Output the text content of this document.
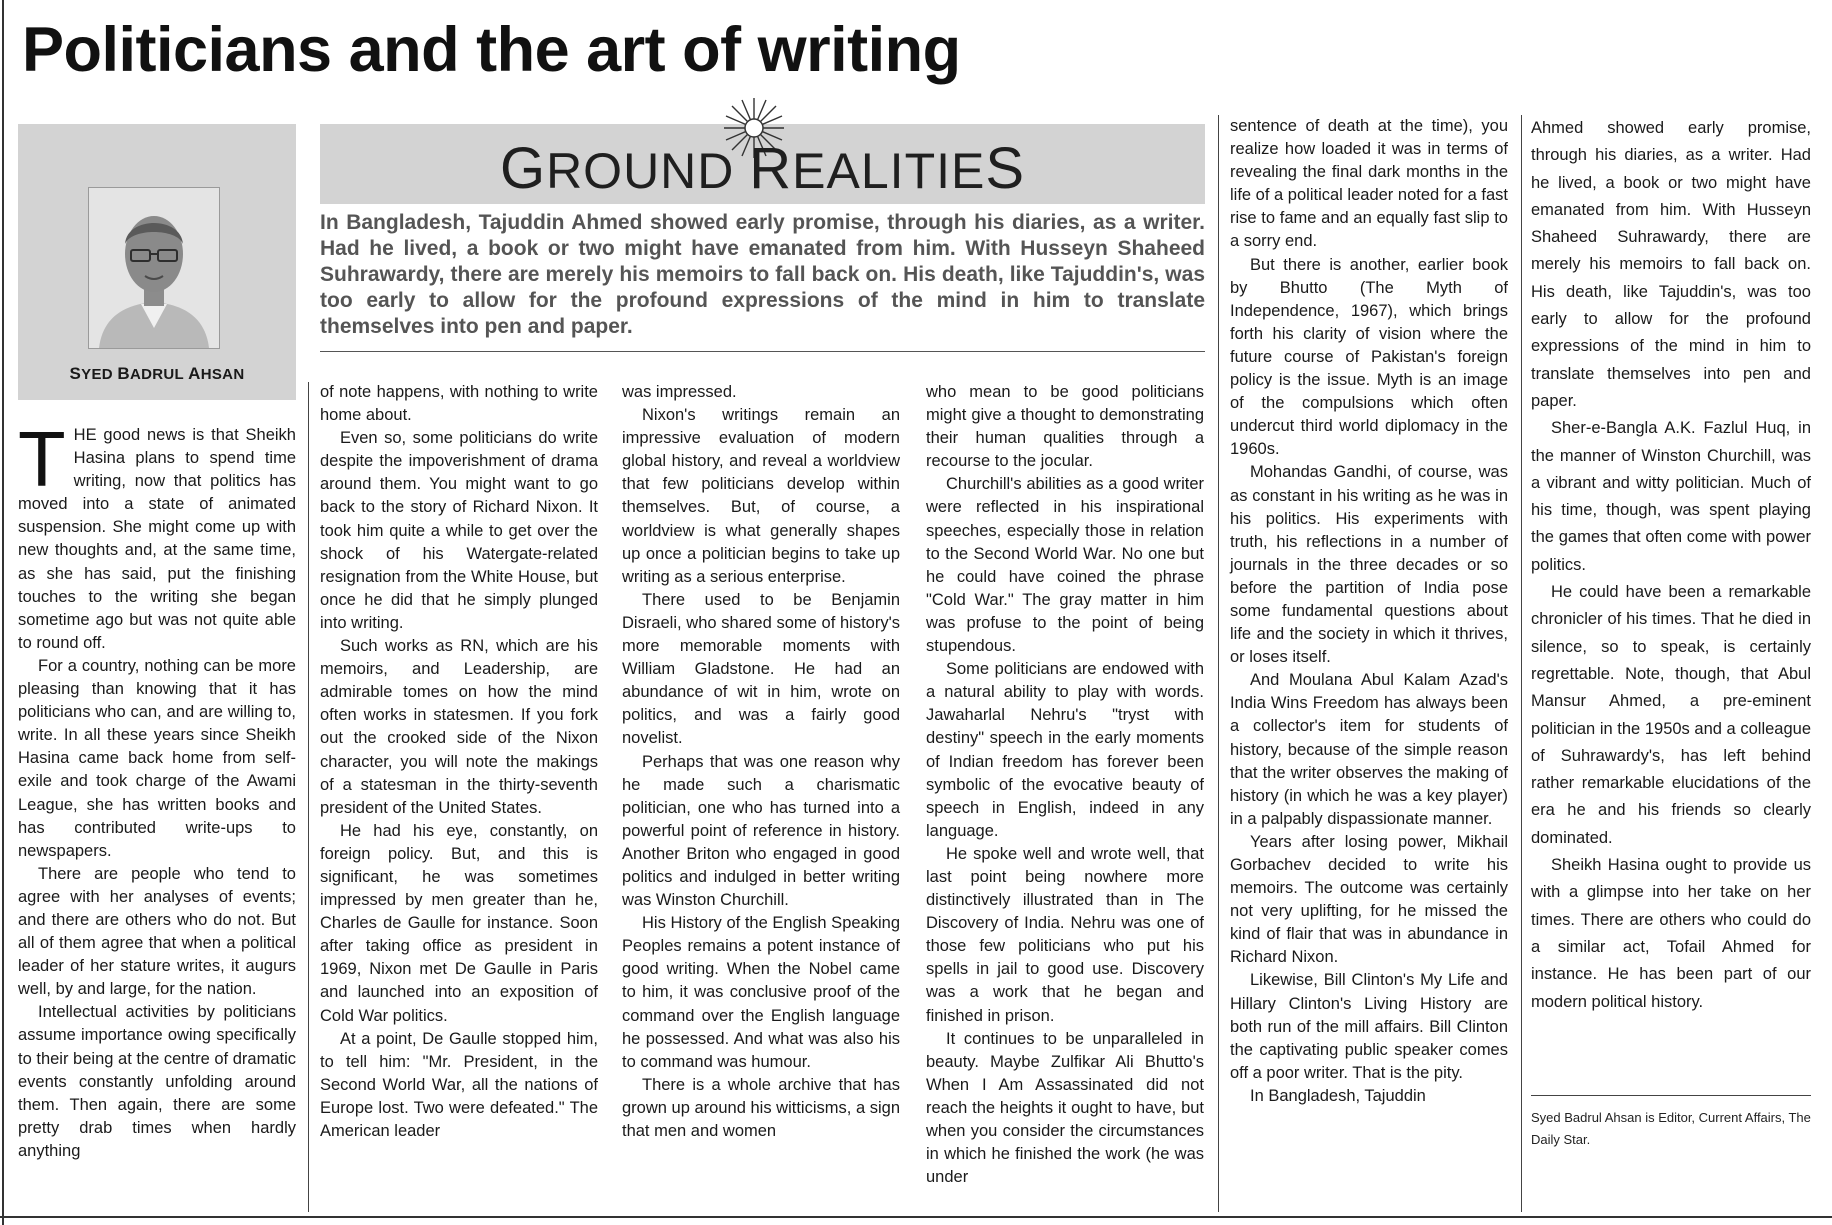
Politicians and the art of writing
SYED BADRUL AHSAN
GROUND REALITIES

In Bangladesh, Tajuddin Ahmed showed early promise, through his diaries, as a writer. Had he lived, a book or two might have emanated from him. With Husseyn Shaheed Suhrawardy, there are merely his memoirs to fall back on. His death, like Tajuddin's, was too early to allow for the profound expressions of the mind in him to translate themselves into pen and paper.

THE good news is that Sheikh Hasina plans to spend time writing, now that politics has moved into a state of animated suspension. She might come up with new thoughts and, at the same time, as she has said, put the finishing touches to the writing she began sometime ago but was not quite able to round off.

For a country, nothing can be more pleasing than knowing that it has politicians who can, and are willing to, write. In all these years since Sheikh Hasina came back home from self-exile and took charge of the Awami League, she has written books and has contributed write-ups to newspapers.

There are people who tend to agree with her analyses of events; and there are others who do not. But all of them agree that when a political leader of her stature writes, it augurs well, by and large, for the nation.

Intellectual activities by politicians assume importance owing specifically to their being at the centre of dramatic events constantly unfolding around them. Then again, there are some pretty drab times when hardly anything

of note happens, with nothing to write home about.

Even so, some politicians do write despite the impoverishment of drama around them. You might want to go back to the story of Richard Nixon. It took him quite a while to get over the shock of his Watergate-related resignation from the White House, but once he did that he simply plunged into writing.

Such works as RN, which are his memoirs, and Leadership, are admirable tomes on how the mind often works in statesmen. If you fork out the crooked side of the Nixon character, you will note the makings of a statesman in the thirty-seventh president of the United States.

He had his eye, constantly, on foreign policy. But, and this is significant, he was sometimes impressed by men greater than he, Charles de Gaulle for instance. Soon after taking office as president in 1969, Nixon met De Gaulle in Paris and launched into an exposition of Cold War politics.

At a point, De Gaulle stopped him, to tell him: "Mr. President, in the Second World War, all the nations of Europe lost. Two were defeated." The American leader

was impressed.

Nixon's writings remain an impressive evaluation of modern global history, and reveal a worldview that few politicians develop within themselves. But, of course, a worldview is what generally shapes up once a politician begins to take up writing as a serious enterprise.

There used to be Benjamin Disraeli, who shared some of history's more memorable moments with William Gladstone. He had an abundance of wit in him, wrote on politics, and was a fairly good novelist.

Perhaps that was one reason why he made such a charismatic politician, one who has turned into a powerful point of reference in history. Another Briton who engaged in good politics and indulged in better writing was Winston Churchill.

His History of the English Speaking Peoples remains a potent instance of good writing. When the Nobel came to him, it was conclusive proof of the command over the English language he possessed. And what was also his to command was humour.

There is a whole archive that has grown up around his witticisms, a sign that men and women

who mean to be good politicians might give a thought to demonstrating their human qualities through a recourse to the jocular.

Churchill's abilities as a good writer were reflected in his inspirational speeches, especially those in relation to the Second World War. No one but he could have coined the phrase "Cold War." The gray matter in him was profuse to the point of being stupendous.

Some politicians are endowed with a natural ability to play with words. Jawaharlal Nehru's "tryst with destiny" speech in the early moments of Indian freedom has forever been symbolic of the evocative beauty of speech in English, indeed in any language.

He spoke well and wrote well, that last point being nowhere more distinctively illustrated than in The Discovery of India. Nehru was one of those few politicians who put his spells in jail to good use. Discovery was a work that he began and finished in prison.

It continues to be unparalleled in beauty. Maybe Zulfikar Ali Bhutto's When I Am Assassinated did not reach the heights it ought to have, but when you consider the circumstances in which he finished the work (he was under

sentence of death at the time), you realize how loaded it was in terms of revealing the final dark months in the life of a political leader noted for a fast rise to fame and an equally fast slip to a sorry end.

But there is another, earlier book by Bhutto (The Myth of Independence, 1967), which brings forth his clarity of vision where the future course of Pakistan's foreign policy is the issue. Myth is an image of the compulsions which often undercut third world diplomacy in the 1960s.

Mohandas Gandhi, of course, was as constant in his writing as he was in his politics. His experiments with truth, his reflections in a number of journals in the three decades or so before the partition of India pose some fundamental questions about life and the society in which it thrives, or loses itself.

And Moulana Abul Kalam Azad's India Wins Freedom has always been a collector's item for students of history, because of the simple reason that the writer observes the making of history (in which he was a key player) in a palpably dispassionate manner.

Years after losing power, Mikhail Gorbachev decided to write his memoirs. The outcome was certainly not very uplifting, for he missed the kind of flair that was in abundance in Richard Nixon.

Likewise, Bill Clinton's My Life and Hillary Clinton's Living History are both run of the mill affairs. Bill Clinton the captivating public speaker comes off a poor writer. That is the pity.

In Bangladesh, Tajuddin

Ahmed showed early promise, through his diaries, as a writer. Had he lived, a book or two might have emanated from him. With Husseyn Shaheed Suhrawardy, there are merely his memoirs to fall back on. His death, like Tajuddin's, was too early to allow for the profound expressions of the mind in him to translate themselves into pen and paper.

Sher-e-Bangla A.K. Fazlul Huq, in the manner of Winston Churchill, was a vibrant and witty politician. Much of his time, though, was spent playing the games that often come with power politics.

He could have been a remarkable chronicler of his times. That he died in silence, so to speak, is certainly regrettable. Note, though, that Abul Mansur Ahmed, a pre-eminent politician in the 1950s and a colleague of Suhrawardy's, has left behind rather remarkable elucidations of the era he and his friends so clearly dominated.

Sheikh Hasina ought to provide us with a glimpse into her take on her times. There are others who could do a similar act, Tofail Ahmed for instance. He has been part of our modern political history.

Syed Badrul Ahsan is Editor, Current Affairs, The Daily Star.
